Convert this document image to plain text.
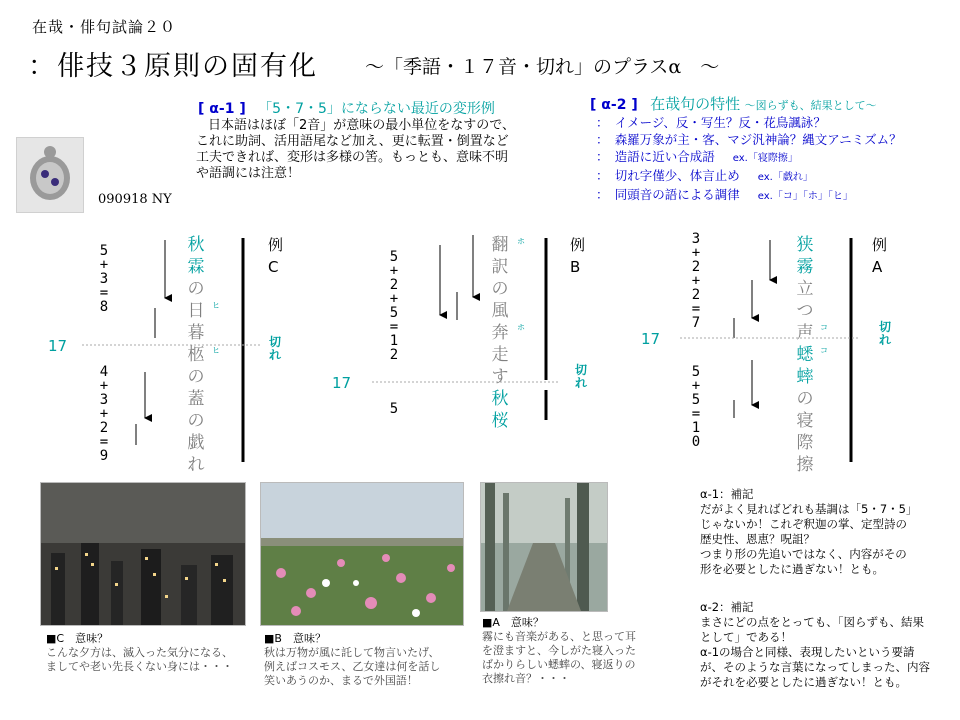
在哉・俳句試論２０
：俳技３原則の固有化 ～「季語・１７音・切れ」のプラスα　～
090918 NY
[ α-1 ] 「5・7・5」にならない最近の変形例
日本語はほぼ「2音」が意味の最小単位をなすので、
これに助詞、活用語尾など加え、更に転置・倒置など
工夫できれば、変形は多様の筈。もっとも、意味不明
や語調には注意！
[ α-2 ] 在哉句の特性 ～図らずも、結果として～
：　イメージ、反・写生？反・花鳥諷詠？
：　森羅万象が主・客、マジ汎神論？縄文アニミズム？
：　造語に近い合成語 ex.「寝際擦」
：　切れ字僅少、体言止め ex.「戯れ」
：　同頭音の語による調律 ex.「コ」「ホ」「ヒ」
5+3=8
4+3+2=9
17
秋霖の日暮柩の蓋の戯れ
ヒ
ヒ
例
C
切れ
5+2+5=12
5
17
翻訳の風奔走す秋桜
ホ
ホ
例
B
切れ
3+2+2=7
5+5=10
17
狭霧立つ声蟋蟀の寝際擦
コ
コ
例
A
切れ
■C　意味？
こんな夕方は、滅入った気分になる、
ましてや老い先長くない身には・・・
■B　意味？
秋は万物が風に託して物言いたげ、
例えばコスモス、乙女達は何を話し
笑いあうのか、まるで外国語！
■A　意味？
霧にも音楽がある、と思って耳
を澄ますと、今しがた寝入った
ばかりらしい蟋蟀の、寝返りの
衣擦れ音？・・・
α-1：補記
だがよく見ればどれも基調は「5・7・5」
じゃないか！これぞ釈迦の掌、定型詩の
歴史性、恩恵？呪詛？
つまり形の先追いではなく、内容がその
形を必要としたに過ぎない！とも。
α-2：補記
まさにどの点をとっても、「図らずも、結果
として」である！
α-1の場合と同様、表現したいという要請
が、そのような言葉になってしまった、内容
がそれを必要としたに過ぎない！とも。
